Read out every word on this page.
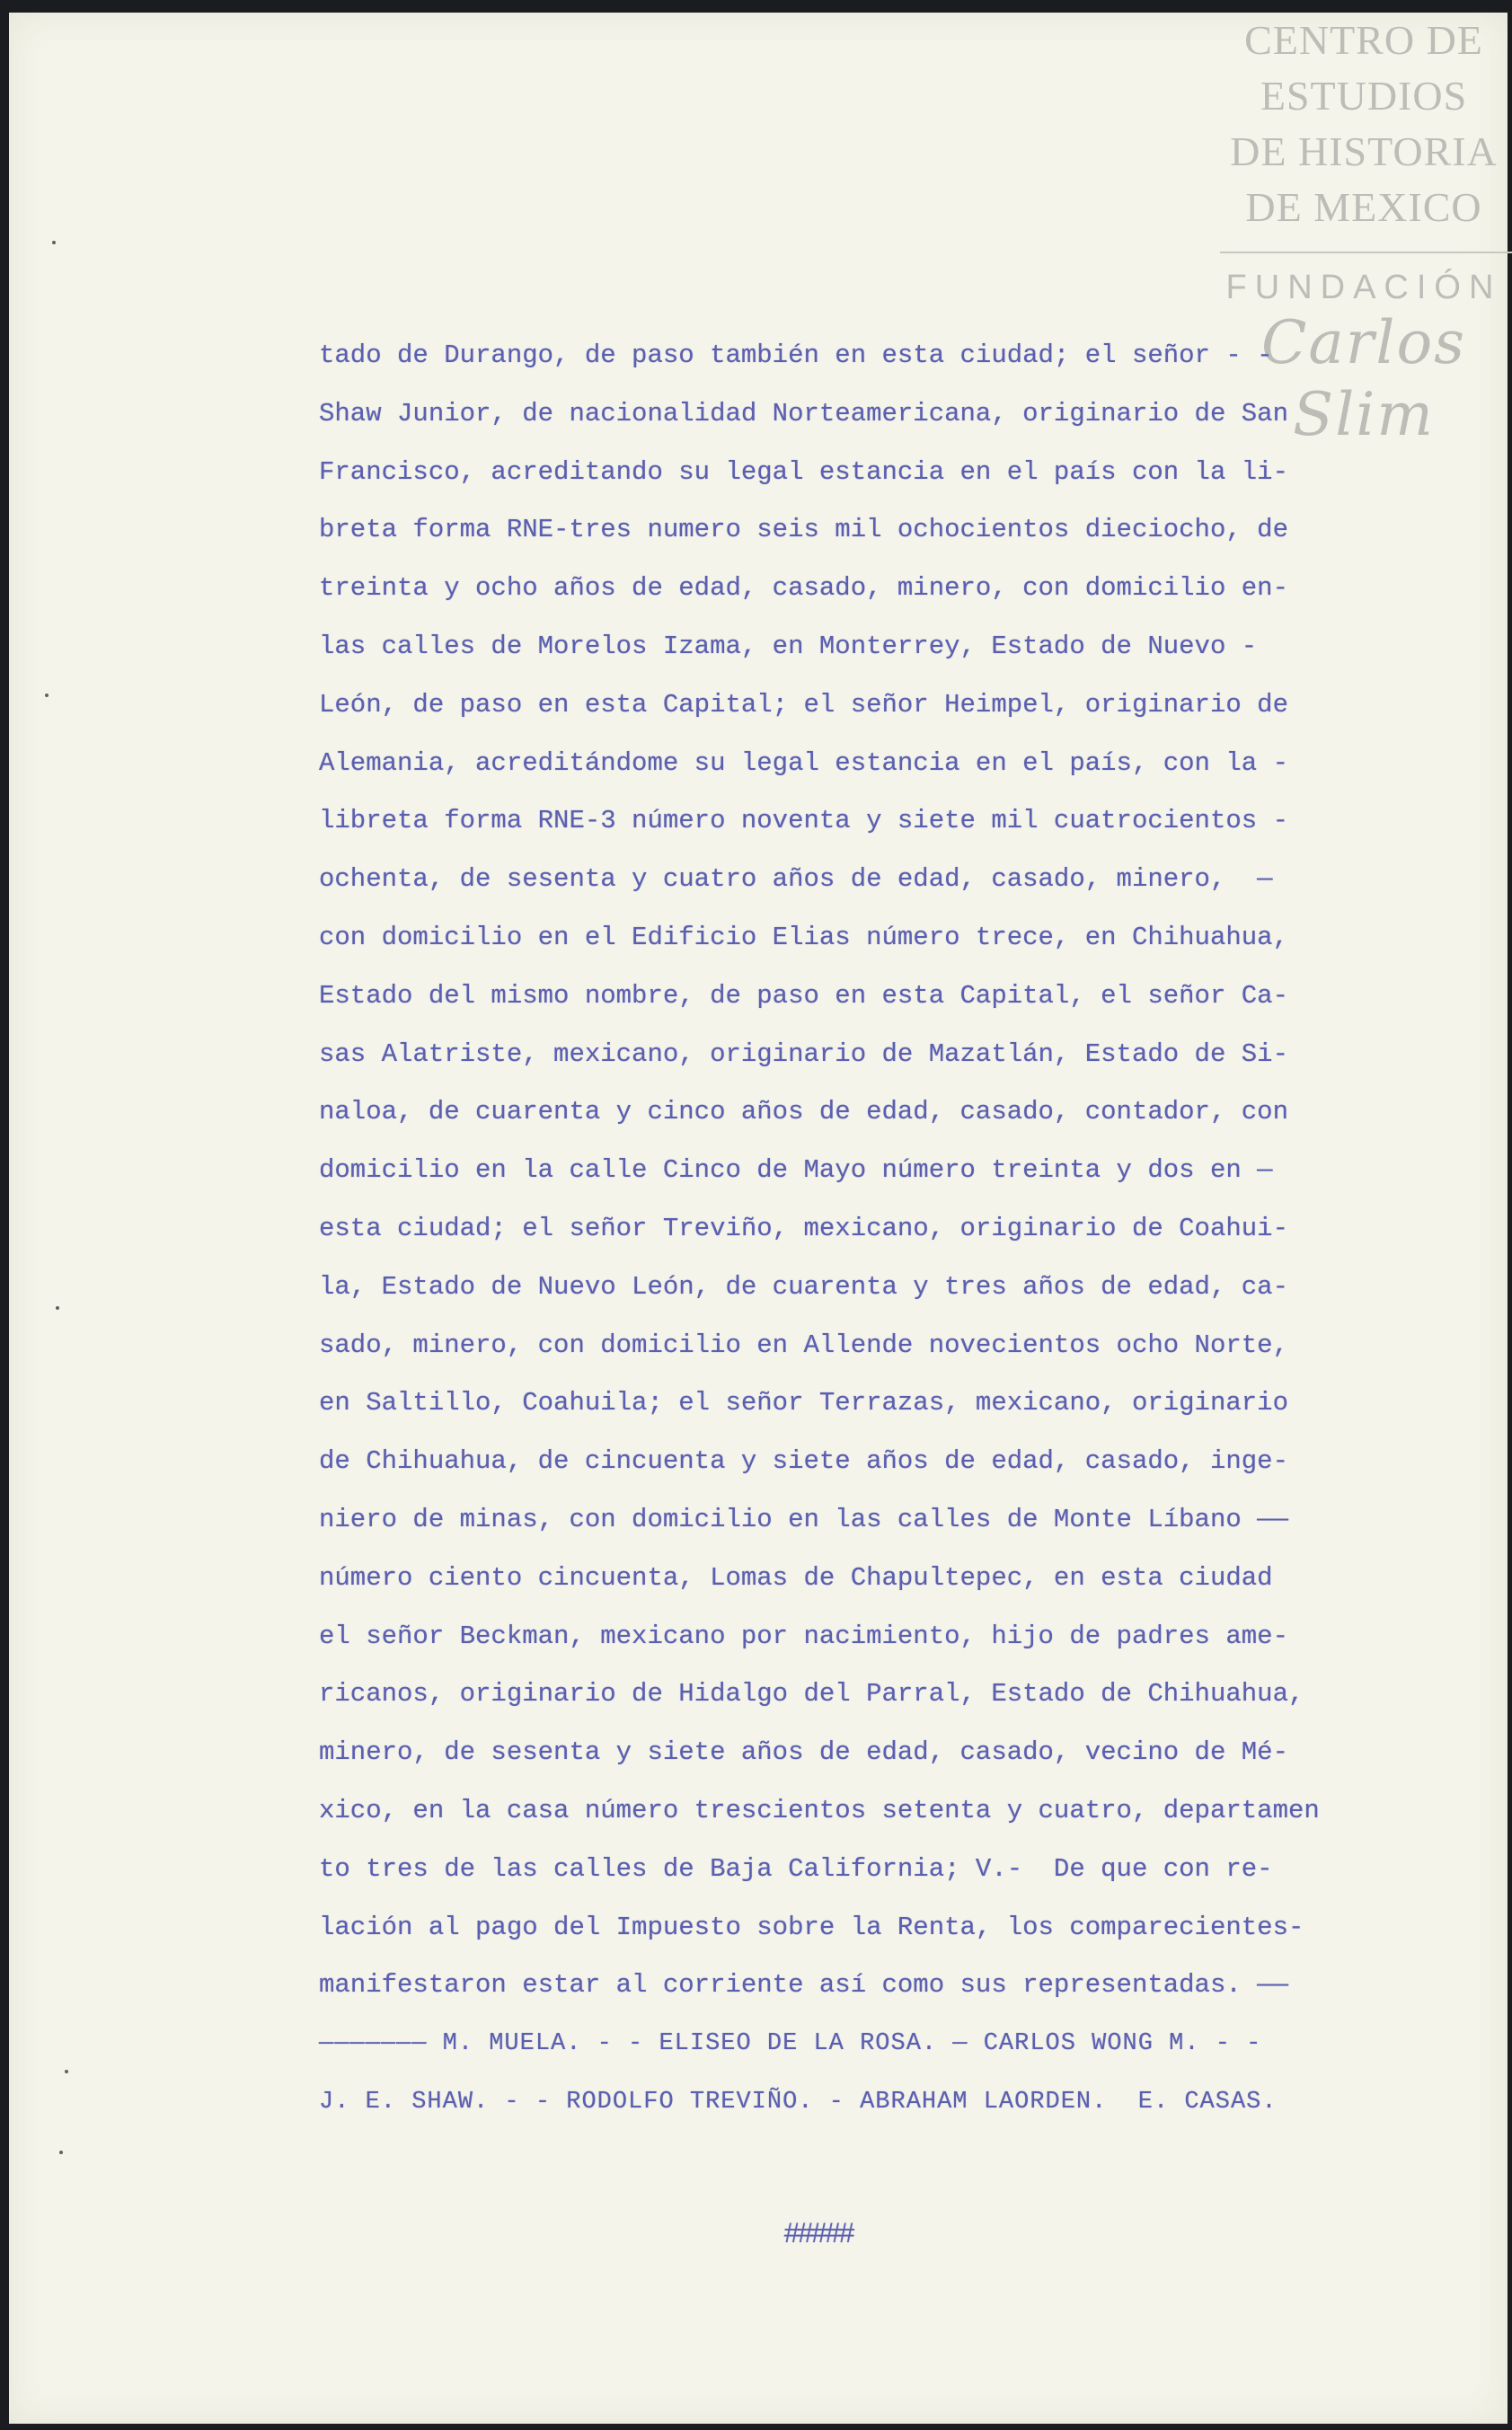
CENTRO DE
ESTUDIOS
DE HISTORIA
DE MEXICO
FUNDACIÓN
Carlos Slim
tado de Durango, de paso también en esta ciudad; el señor - -
Shaw Junior, de nacionalidad Norteamericana, originario de San
Francisco, acreditando su legal estancia en el país con la li-
breta forma RNE-tres numero seis mil ochocientos dieciocho, de
treinta y ocho años de edad, casado, minero, con domicilio en-
las calles de Morelos Izama, en Monterrey, Estado de Nuevo -
León, de paso en esta Capital; el señor Heimpel, originario de
Alemania, acreditándome su legal estancia en el país, con la -
libreta forma RNE-3 número noventa y siete mil cuatrocientos -
ochenta, de sesenta y cuatro años de edad, casado, minero,  —
con domicilio en el Edificio Elias número trece, en Chihuahua,
Estado del mismo nombre, de paso en esta Capital, el señor Ca-
sas Alatriste, mexicano, originario de Mazatlán, Estado de Si-
naloa, de cuarenta y cinco años de edad, casado, contador, con
domicilio en la calle Cinco de Mayo número treinta y dos en —
esta ciudad; el señor Treviño, mexicano, originario de Coahui-
la, Estado de Nuevo León, de cuarenta y tres años de edad, ca-
sado, minero, con domicilio en Allende novecientos ocho Norte,
en Saltillo, Coahuila; el señor Terrazas, mexicano, originario
de Chihuahua, de cincuenta y siete años de edad, casado, inge-
niero de minas, con domicilio en las calles de Monte Líbano ——
número ciento cincuenta, Lomas de Chapultepec, en esta ciudad
el señor Beckman, mexicano por nacimiento, hijo de padres ame-
ricanos, originario de Hidalgo del Parral, Estado de Chihuahua,
minero, de sesenta y siete años de edad, casado, vecino de Mé-
xico, en la casa número trescientos setenta y cuatro, departamen
to tres de las calles de Baja California; V.-  De que con re-
lación al pago del Impuesto sobre la Renta, los comparecientes-
manifestaron estar al corriente así como sus representadas. ——
——————— M. MUELA. - - ELISEO DE LA ROSA. — CARLOS WONG M. - -
J. E. SHAW. - - RODOLFO TREVIÑO. - ABRAHAM LAORDEN.  E. CASAS.
#####
